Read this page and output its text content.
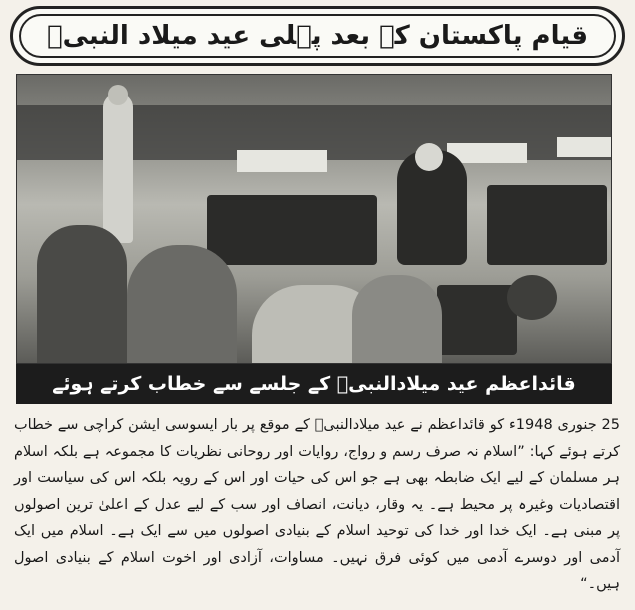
قیام پاکستان کے بعد پہلی عید میلاد النبیؐ
قائداعظم عید میلادالنبیؐ کے جلسے سے خطاب کرتے ہوئے

25 جنوری 1948ء کو قائداعظم نے عید میلادالنبیؐ کے موقع پر بار ایسوسی ایشن کراچی سے خطاب کرتے ہوئے کہا: ”اسلام نہ صرف رسم و رواج، روایات اور روحانی نظریات کا مجموعہ ہے بلکہ اسلام ہر مسلمان کے لیے ایک ضابطہ بھی ہے جو اس کی حیات اور اس کے رویہ بلکہ اس کی سیاست اور اقتصادیات وغیرہ پر محیط ہے۔ یہ وقار، دیانت، انصاف اور سب کے لیے عدل کے اعلیٰ ترین اصولوں پر مبنی ہے۔ ایک خدا اور خدا کی توحید اسلام کے بنیادی اصولوں میں سے ایک ہے۔ اسلام میں ایک آدمی اور دوسرے آدمی میں کوئی فرق نہیں۔ مساوات، آزادی اور اخوت اسلام کے بنیادی اصول ہیں۔“
